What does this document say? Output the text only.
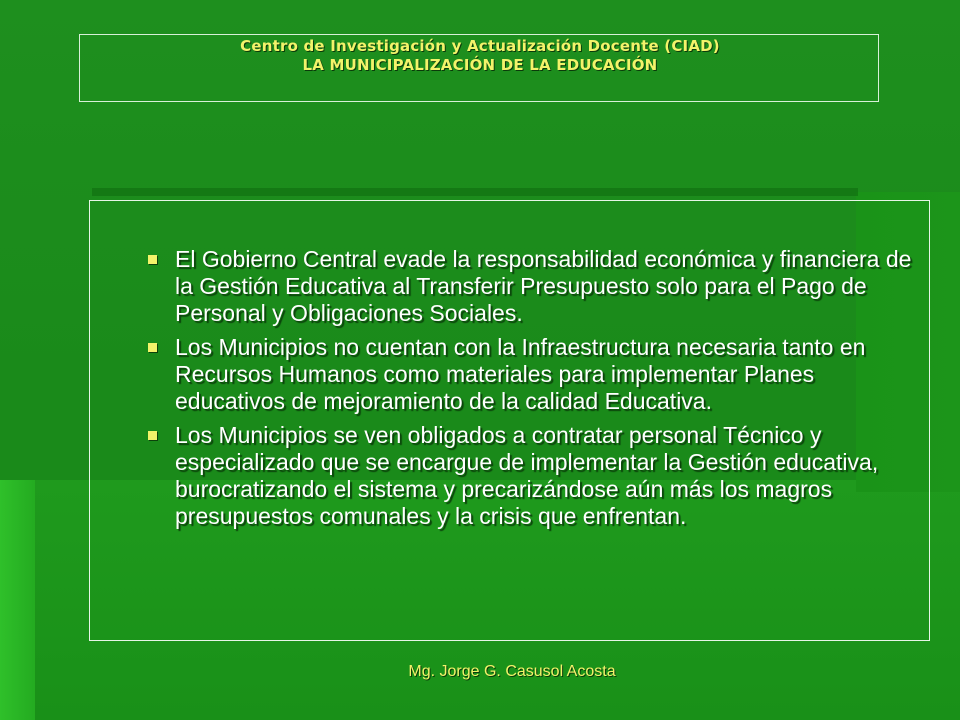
Centro de Investigación y Actualización Docente (CIAD)
LA MUNICIPALIZACIÓN DE LA EDUCACIÓN
El Gobierno Central evade la responsabilidad económica y financiera de la Gestión Educativa al Transferir Presupuesto solo para el Pago de Personal y Obligaciones Sociales.
Los Municipios no cuentan con la Infraestructura necesaria tanto en Recursos Humanos como materiales para implementar Planes educativos de mejoramiento de la calidad Educativa.
Los Municipios se ven obligados a contratar personal Técnico y especializado que se encargue de implementar la Gestión educativa, burocratizando el sistema y precarizándose aún más los magros presupuestos comunales y la crisis que enfrentan.
Mg. Jorge G. Casusol Acosta
